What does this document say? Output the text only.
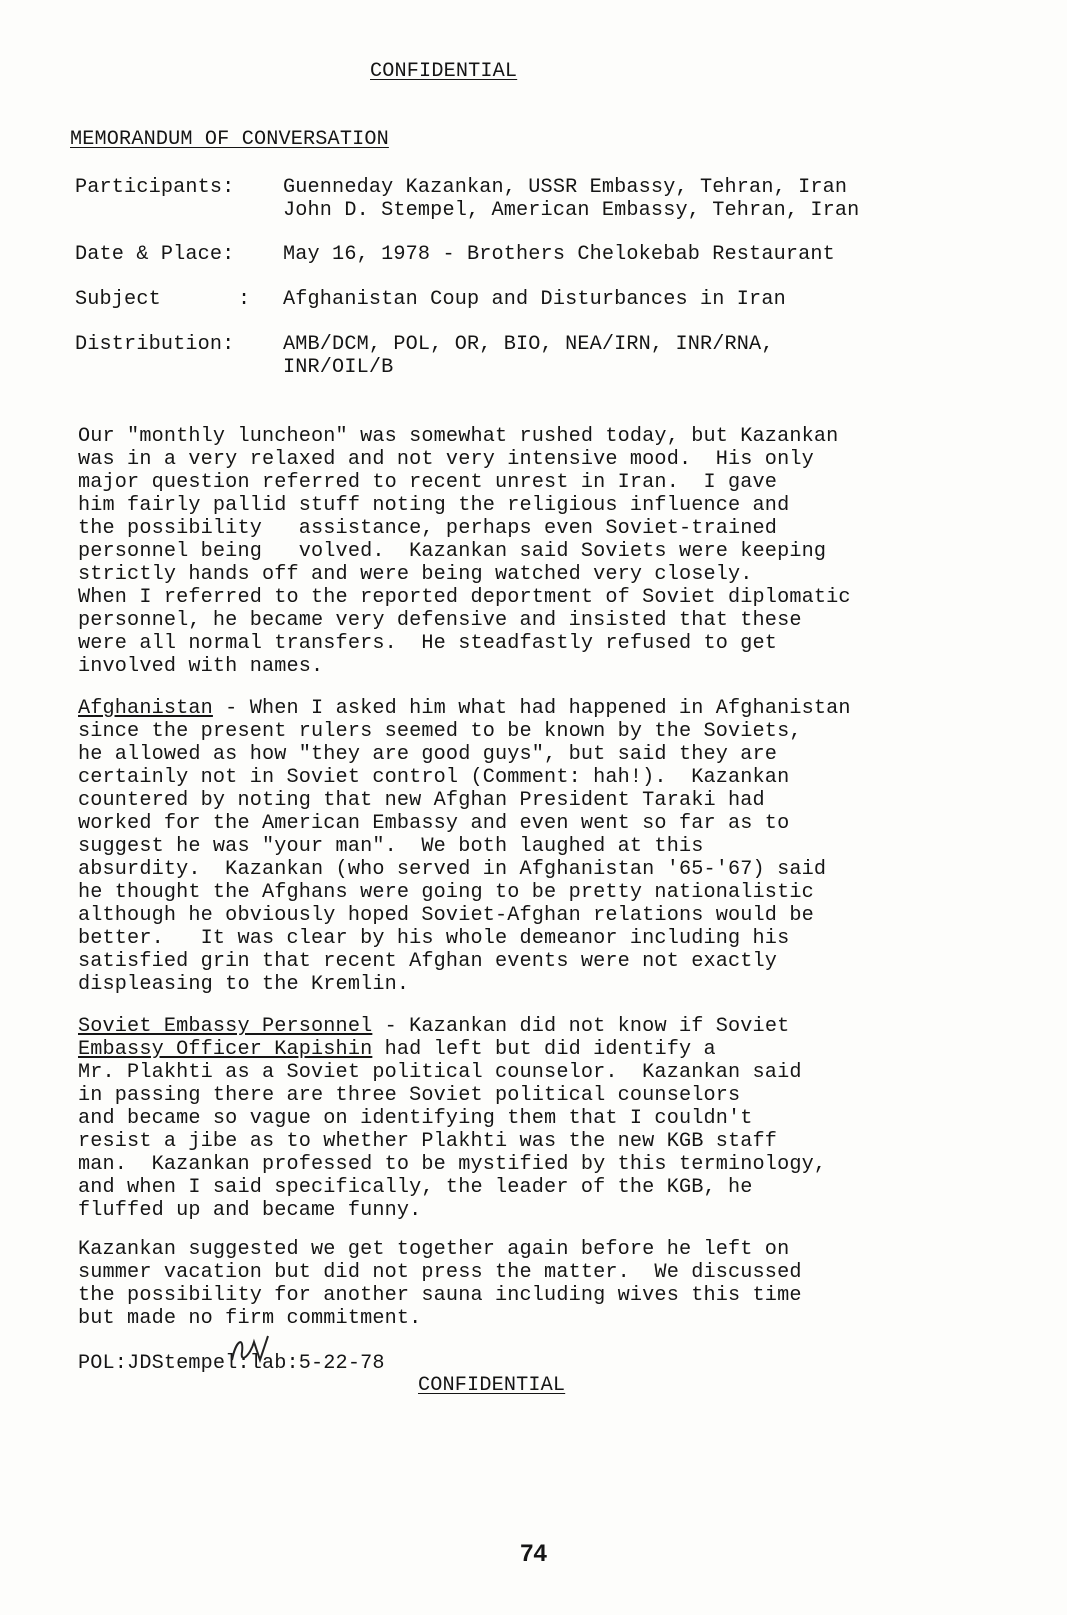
CONFIDENTIAL
MEMORANDUM OF CONVERSATION
Participants: Guenneday Kazankan, USSR Embassy, Tehran, Iran
John D. Stempel, American Embassy, Tehran, Iran
Date & Place: May 16, 1978 - Brothers Chelokebab Restaurant
Subject	: Afghanistan Coup and Disturbances in Iran
Distribution: AMB/DCM, POL, OR, BIO, NEA/IRN, INR/RNA,
INR/OIL/B
Our "monthly luncheon" was somewhat rushed today, but Kazankan
was in a very relaxed and not very intensive mood.  His only
major question referred to recent unrest in Iran.  I gave
him fairly pallid stuff noting the religious influence and
the possibility   assistance, perhaps even Soviet-trained
personnel being   volved.  Kazankan said Soviets were keeping
strictly hands off and were being watched very closely.
When I referred to the reported deportment of Soviet diplomatic
personnel, he became very defensive and insisted that these
were all normal transfers.  He steadfastly refused to get
involved with names.
Afghanistan - When I asked him what had happened in Afghanistan
since the present rulers seemed to be known by the Soviets,
he allowed as how "they are good guys", but said they are
certainly not in Soviet control (Comment: hah!).  Kazankan
countered by noting that new Afghan President Taraki had
worked for the American Embassy and even went so far as to
suggest he was "your man".  We both laughed at this
absurdity.  Kazankan (who served in Afghanistan '65-'67) said
he thought the Afghans were going to be pretty nationalistic
although he obviously hoped Soviet-Afghan relations would be
better.   It was clear by his whole demeanor including his
satisfied grin that recent Afghan events were not exactly
displeasing to the Kremlin.
Soviet Embassy Personnel - Kazankan did not know if Soviet
Embassy Officer Kapishin had left but did identify a
Mr. Plakhti as a Soviet political counselor.  Kazankan said
in passing there are three Soviet political counselors
and became so vague on identifying them that I couldn't
resist a jibe as to whether Plakhti was the new KGB staff
man.  Kazankan professed to be mystified by this terminology,
and when I said specifically, the leader of the KGB, he
fluffed up and became funny.
Kazankan suggested we get together again before he left on
summer vacation but did not press the matter.  We discussed
the possibility for another sauna including wives this time
but made no firm commitment.
POL:JDStempel:lab:5-22-78
CONFIDENTIAL
74
